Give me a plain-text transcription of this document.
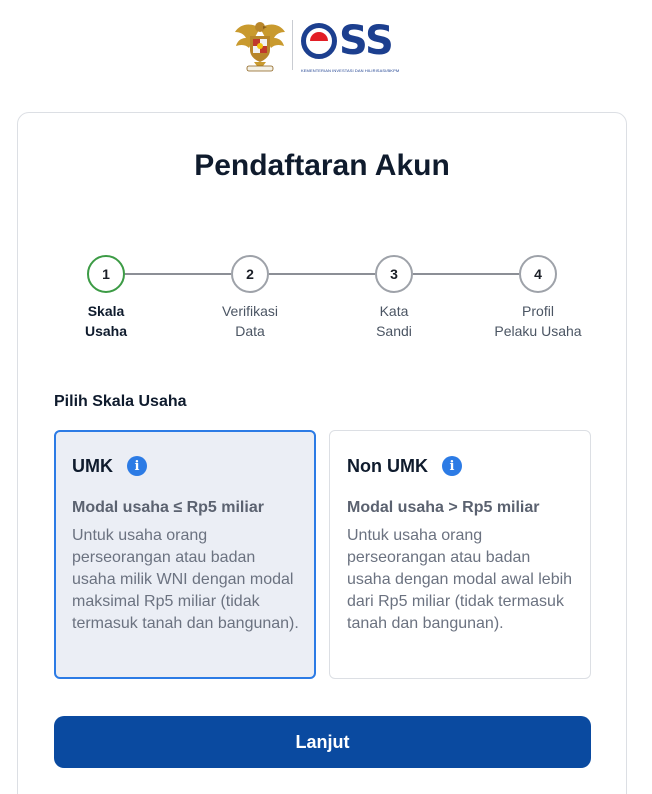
SS
KEMENTERIAN INVESTASI DAN HILIRISASI/BKPM
Pendaftaran Akun
1
Skala
Usaha
2
Verifikasi
Data
3
Kata
Sandi
4
Profil
Pelaku Usaha
Pilih Skala Usaha
UMK	i
Modal usaha ≤ Rp5 miliar
Untuk usaha orang perseorangan atau badan usaha milik WNI dengan modal maksimal Rp5 miliar (tidak termasuk tanah dan bangunan).
Non UMK	i
Modal usaha > Rp5 miliar
Untuk usaha orang perseorangan atau badan usaha dengan modal awal lebih dari Rp5 miliar (tidak termasuk tanah dan bangunan).
Lanjut
